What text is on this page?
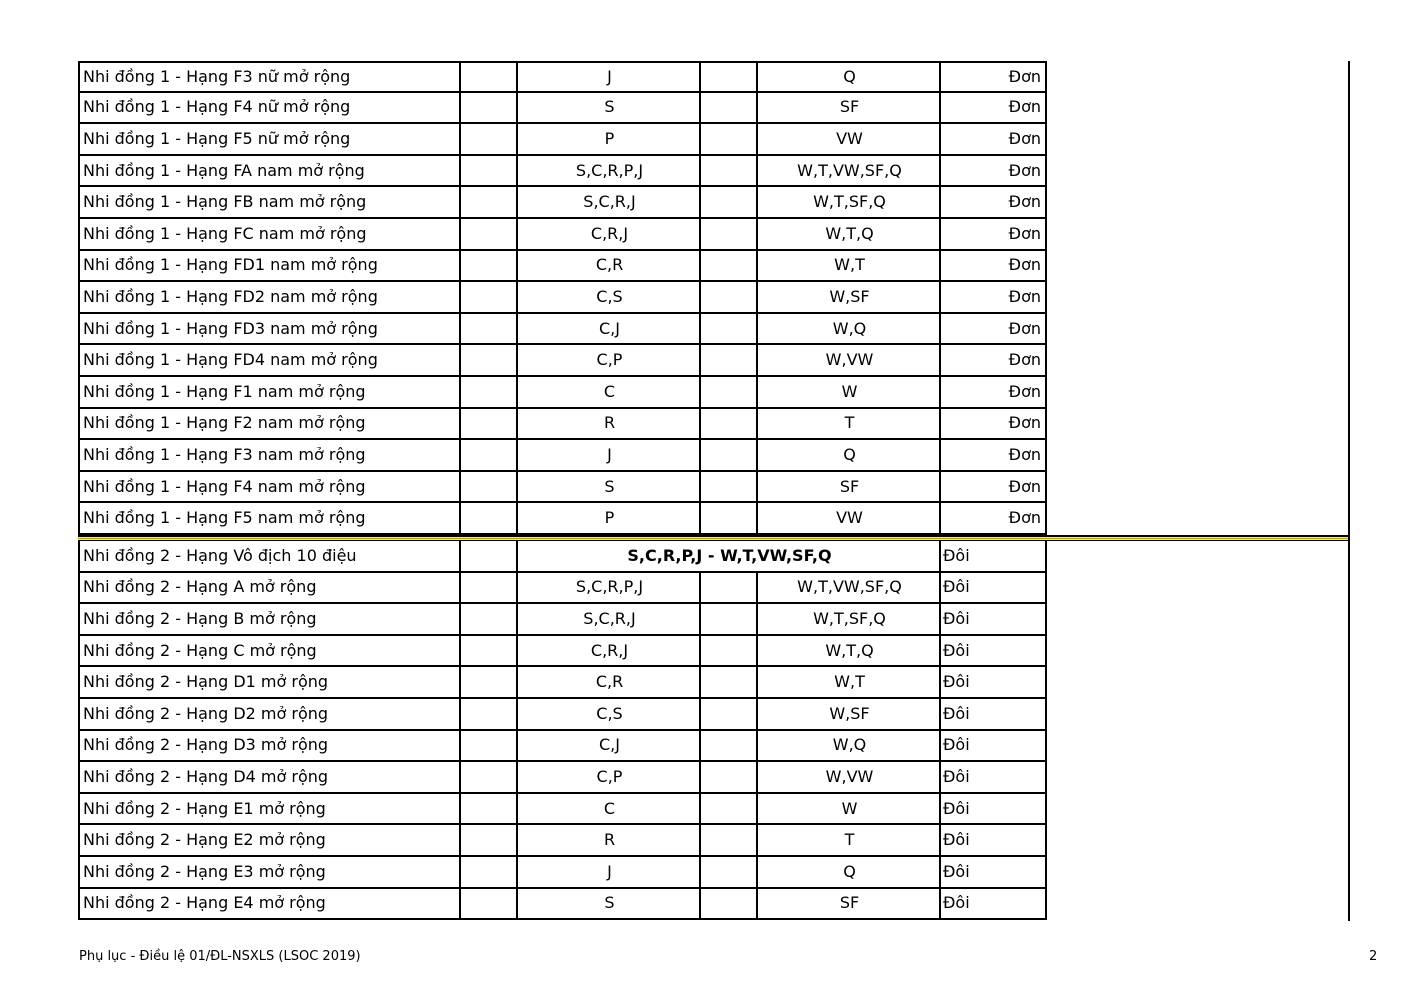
Nhi đồng 1 - Hạng F3 nữ mở rộng	J	Q	Đơn
Nhi đồng 1 - Hạng F4 nữ mở rộng	S	SF	Đơn
Nhi đồng 1 - Hạng F5 nữ mở rộng	P	VW	Đơn
Nhi đồng 1 - Hạng FA nam mở rộng	S,C,R,P,J	W,T,VW,SF,Q	Đơn
Nhi đồng 1 - Hạng FB nam mở rộng	S,C,R,J	W,T,SF,Q	Đơn
Nhi đồng 1 - Hạng FC nam mở rộng	C,R,J	W,T,Q	Đơn
Nhi đồng 1 - Hạng FD1 nam mở rộng	C,R	W,T	Đơn
Nhi đồng 1 - Hạng FD2 nam mở rộng	C,S	W,SF	Đơn
Nhi đồng 1 - Hạng FD3 nam mở rộng	C,J	W,Q	Đơn
Nhi đồng 1 - Hạng FD4 nam mở rộng	C,P	W,VW	Đơn
Nhi đồng 1 - Hạng F1 nam mở rộng	C	W	Đơn
Nhi đồng 1 - Hạng F2 nam mở rộng	R	T	Đơn
Nhi đồng 1 - Hạng F3 nam mở rộng	J	Q	Đơn
Nhi đồng 1 - Hạng F4 nam mở rộng	S	SF	Đơn
Nhi đồng 1 - Hạng F5 nam mở rộng	P	VW	Đơn
Nhi đồng 2 - Hạng Vô địch 10 điệu	S,C,R,P,J - W,T,VW,SF,Q	Đôi
Nhi đồng 2 - Hạng A mở rộng	S,C,R,P,J	W,T,VW,SF,Q	Đôi
Nhi đồng 2 - Hạng B mở rộng	S,C,R,J	W,T,SF,Q	Đôi
Nhi đồng 2 - Hạng C mở rộng	C,R,J	W,T,Q	Đôi
Nhi đồng 2 - Hạng D1 mở rộng	C,R	W,T	Đôi
Nhi đồng 2 - Hạng D2 mở rộng	C,S	W,SF	Đôi
Nhi đồng 2 - Hạng D3 mở rộng	C,J	W,Q	Đôi
Nhi đồng 2 - Hạng D4 mở rộng	C,P	W,VW	Đôi
Nhi đồng 2 - Hạng E1 mở rộng	C	W	Đôi
Nhi đồng 2 - Hạng E2 mở rộng	R	T	Đôi
Nhi đồng 2 - Hạng E3 mở rộng	J	Q	Đôi
Nhi đồng 2 - Hạng E4 mở rộng	S	SF	Đôi
Phụ lục - Điều lệ 01/ĐL-NSXLS (LSOC 2019)	2
